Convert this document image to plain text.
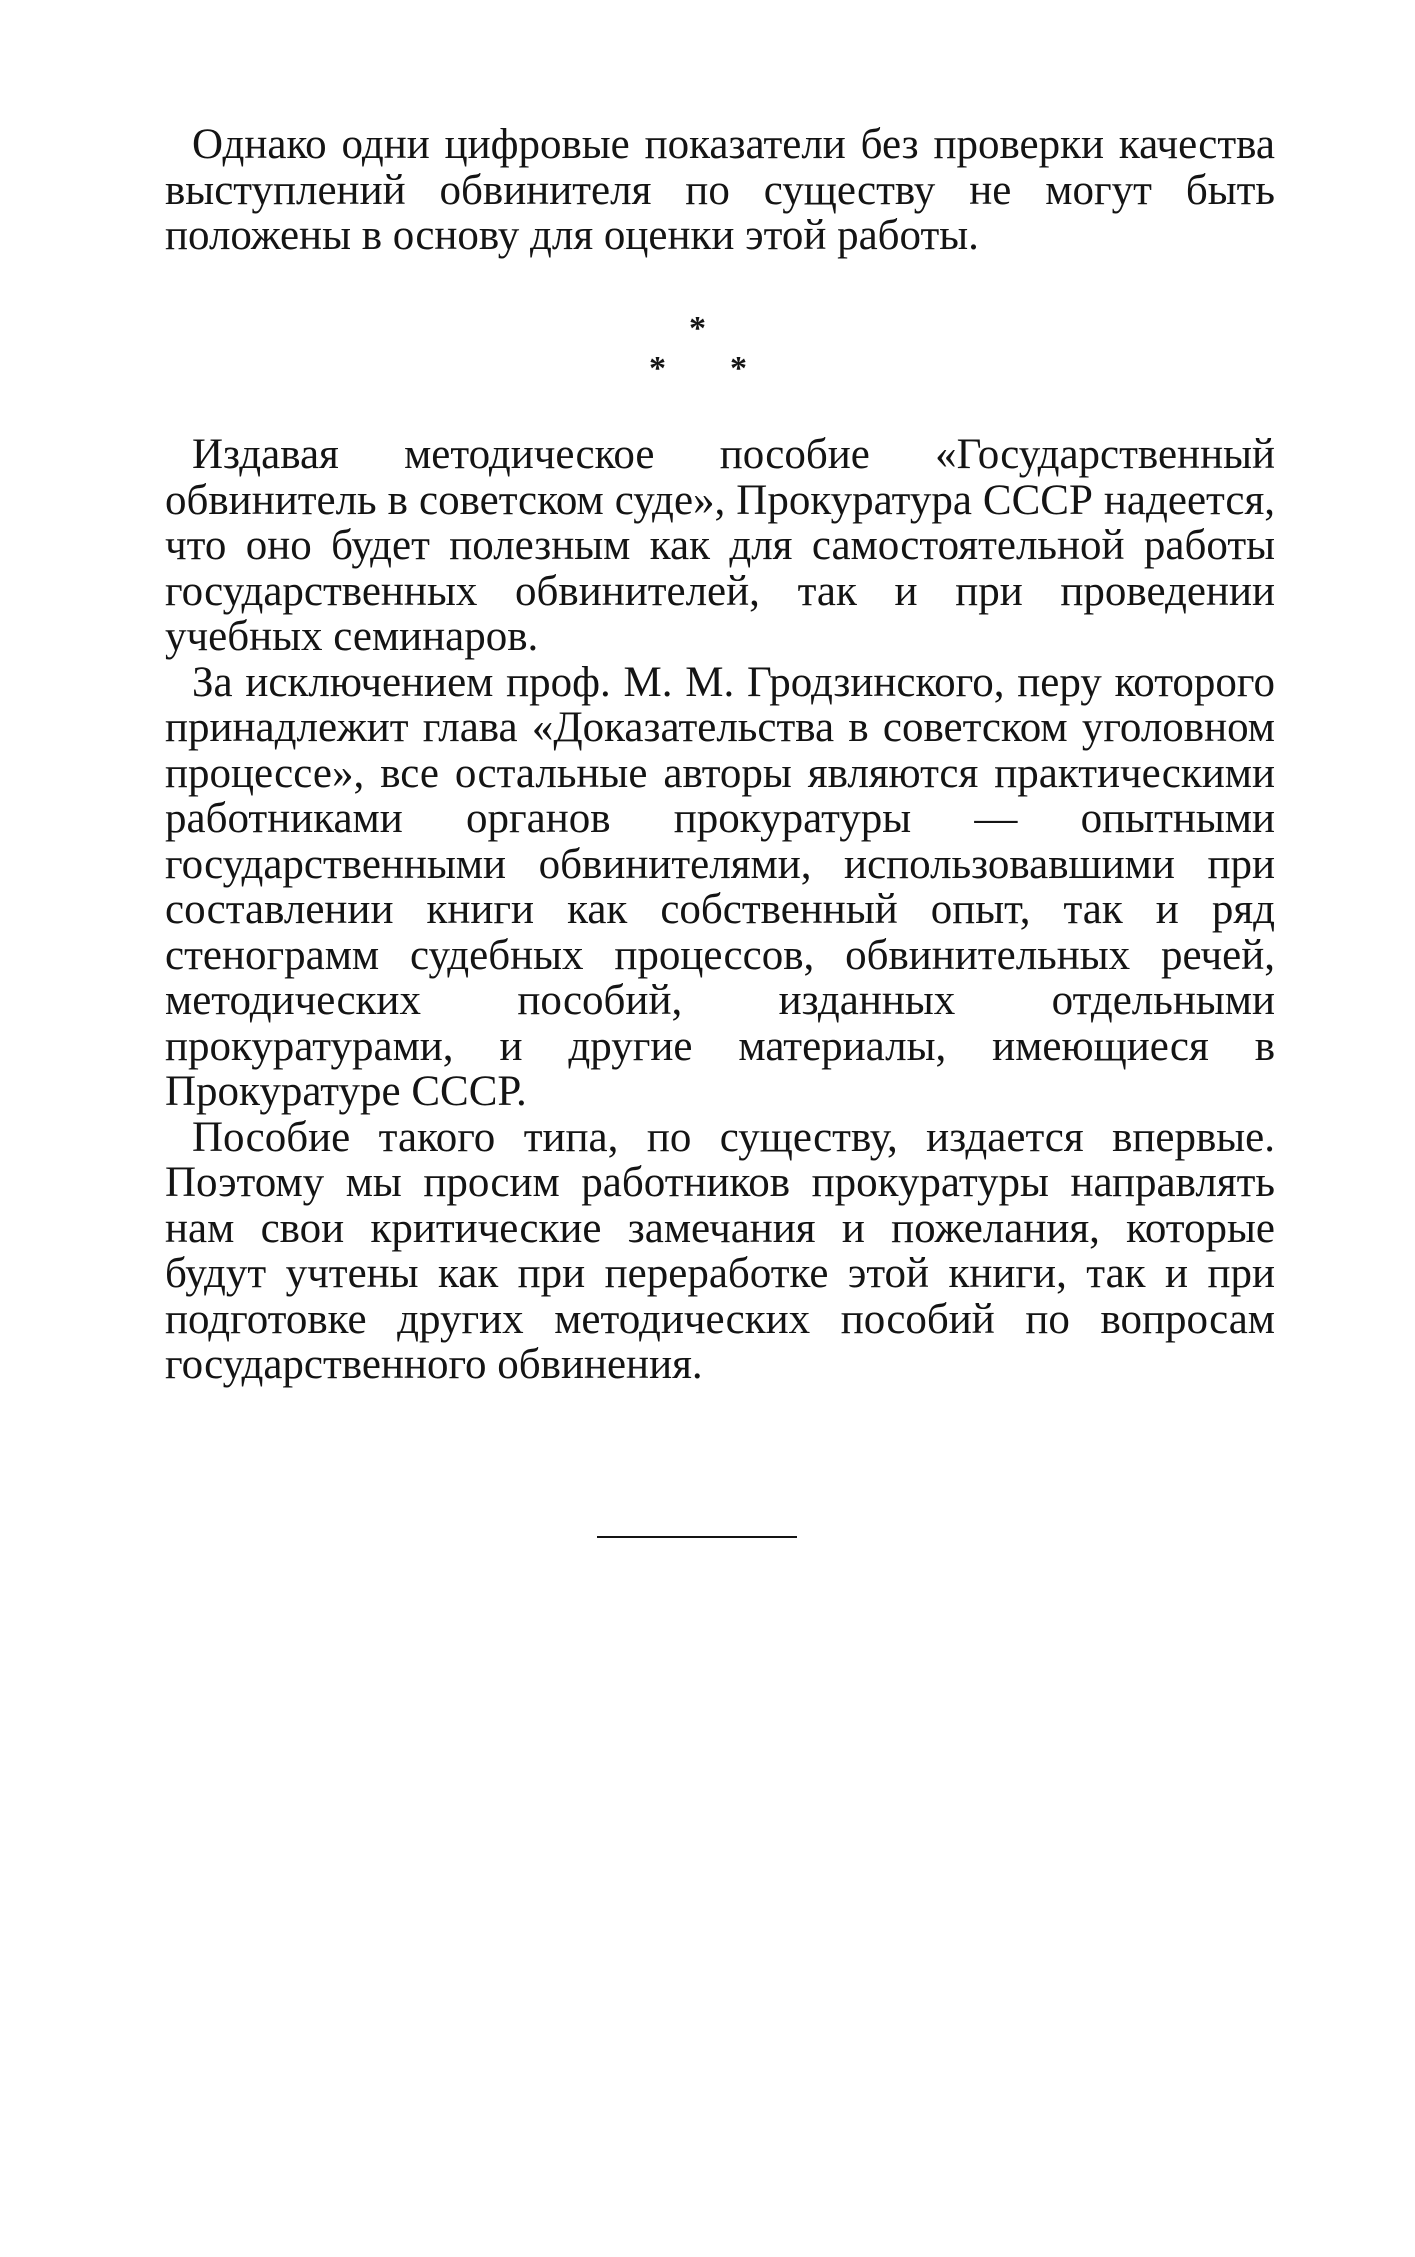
Однако одни цифровые показатели без проверки качества выступлений обвинителя по существу не могут быть положены в основу для оценки этой работы.

*
* *

Издавая методическое пособие «Государственный обвинитель в советском суде», Прокуратура СССР надеется, что оно будет полезным как для самостоятельной работы государственных обвинителей, так и при проведении учебных семинаров.

За исключением проф. М. М. Гродзинского, перу которого принадлежит глава «Доказательства в советском уголовном процессе», все остальные авторы являются практическими работниками органов прокуратуры — опытными государственными обвинителями, использовавшими при составлении книги как собственный опыт, так и ряд стенограмм судебных процессов, обвинительных речей, методических пособий, изданных отдельными прокуратурами, и другие материалы, имеющиеся в Прокуратуре СССР.

Пособие такого типа, по существу, издается впервые. Поэтому мы просим работников прокуратуры направлять нам свои критические замечания и пожелания, которые будут учтены как при переработке этой книги, так и при подготовке других методических пособий по вопросам государственного обвинения.
